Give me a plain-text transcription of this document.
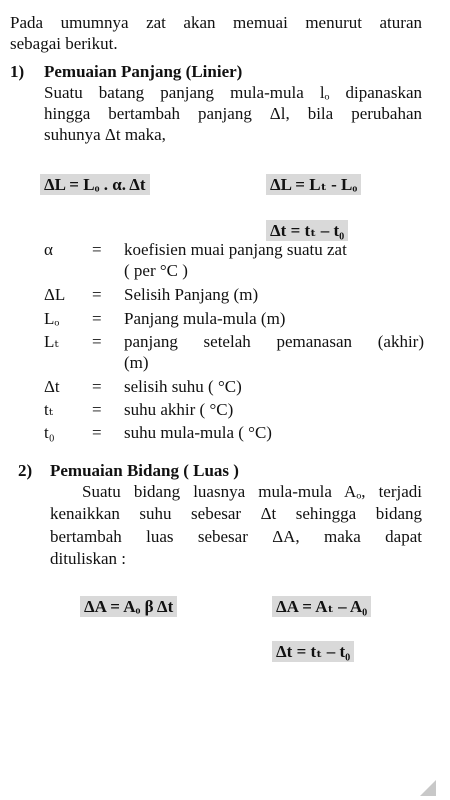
Pada umumnya zat akan memuai menurut aturan
sebagai berikut.
1) Pemuaian Panjang (Linier)
Suatu batang panjang mula-mula lₒ dipanaskan
hingga bertambah panjang Δl, bila perubahan
suhunya Δt maka,
ΔL = Lₒ . α. Δt	ΔL = Lₜ - Lₒ
Δt = tₜ – t₀
α	= koefisien muai panjang suatu zat
( per °C )
ΔL	= Selisih Panjang (m)
Lₒ	= Panjang mula-mula (m)
Lₜ	= panjang setelah pemanasan (akhir)
(m)
Δt	= selisih suhu ( °C)
tₜ	= suhu akhir ( °C)
t₀	= suhu mula-mula ( °C)
2) Pemuaian Bidang ( Luas )
Suatu bidang luasnya mula-mula Aₒ, terjadi
kenaikkan suhu sebesar Δt sehingga bidang
bertambah luas sebesar ΔA, maka dapat
dituliskan :
ΔA = Aₒ β Δt	ΔA = Aₜ – A₀
Δt = tₜ – t₀
